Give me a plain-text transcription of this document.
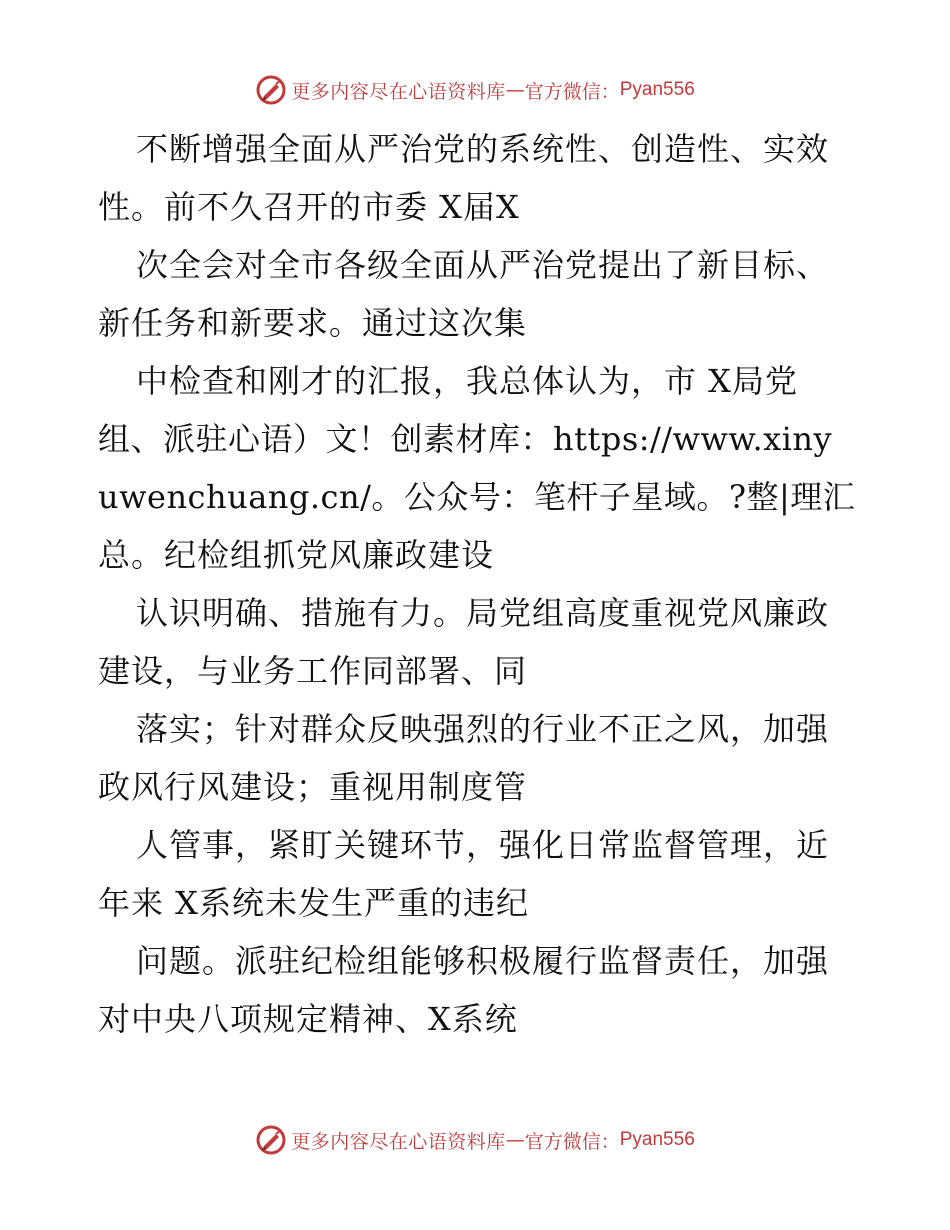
更多内容尽在心语资料库 — 官方微信： Pyan556
不断增强全面从严治党的系统性、创造性、实效
性。前不久召开的市委 X届X
次全会对全市各级全面从严治党提出了新目标、
新任务和新要求。通过这次集
中检查和刚才的汇报，我总体认为，市 X局党
组、派驻心语）文！创素材库：https://www.xiny
uwenchuang.cn/。公众号：笔杆子星域。?整|理汇
总。纪检组抓党风廉政建设
认识明确、措施有力。局党组高度重视党风廉政
建设，与业务工作同部署、同
落实；针对群众反映强烈的行业不正之风，加强
政风行风建设；重视用制度管
人管事，紧盯关键环节，强化日常监督管理，近
年来 X系统未发生严重的违纪
问题。派驻纪检组能够积极履行监督责任，加强
对中央八项规定精神、X系统
更多内容尽在心语资料库 — 官方微信： Pyan556
